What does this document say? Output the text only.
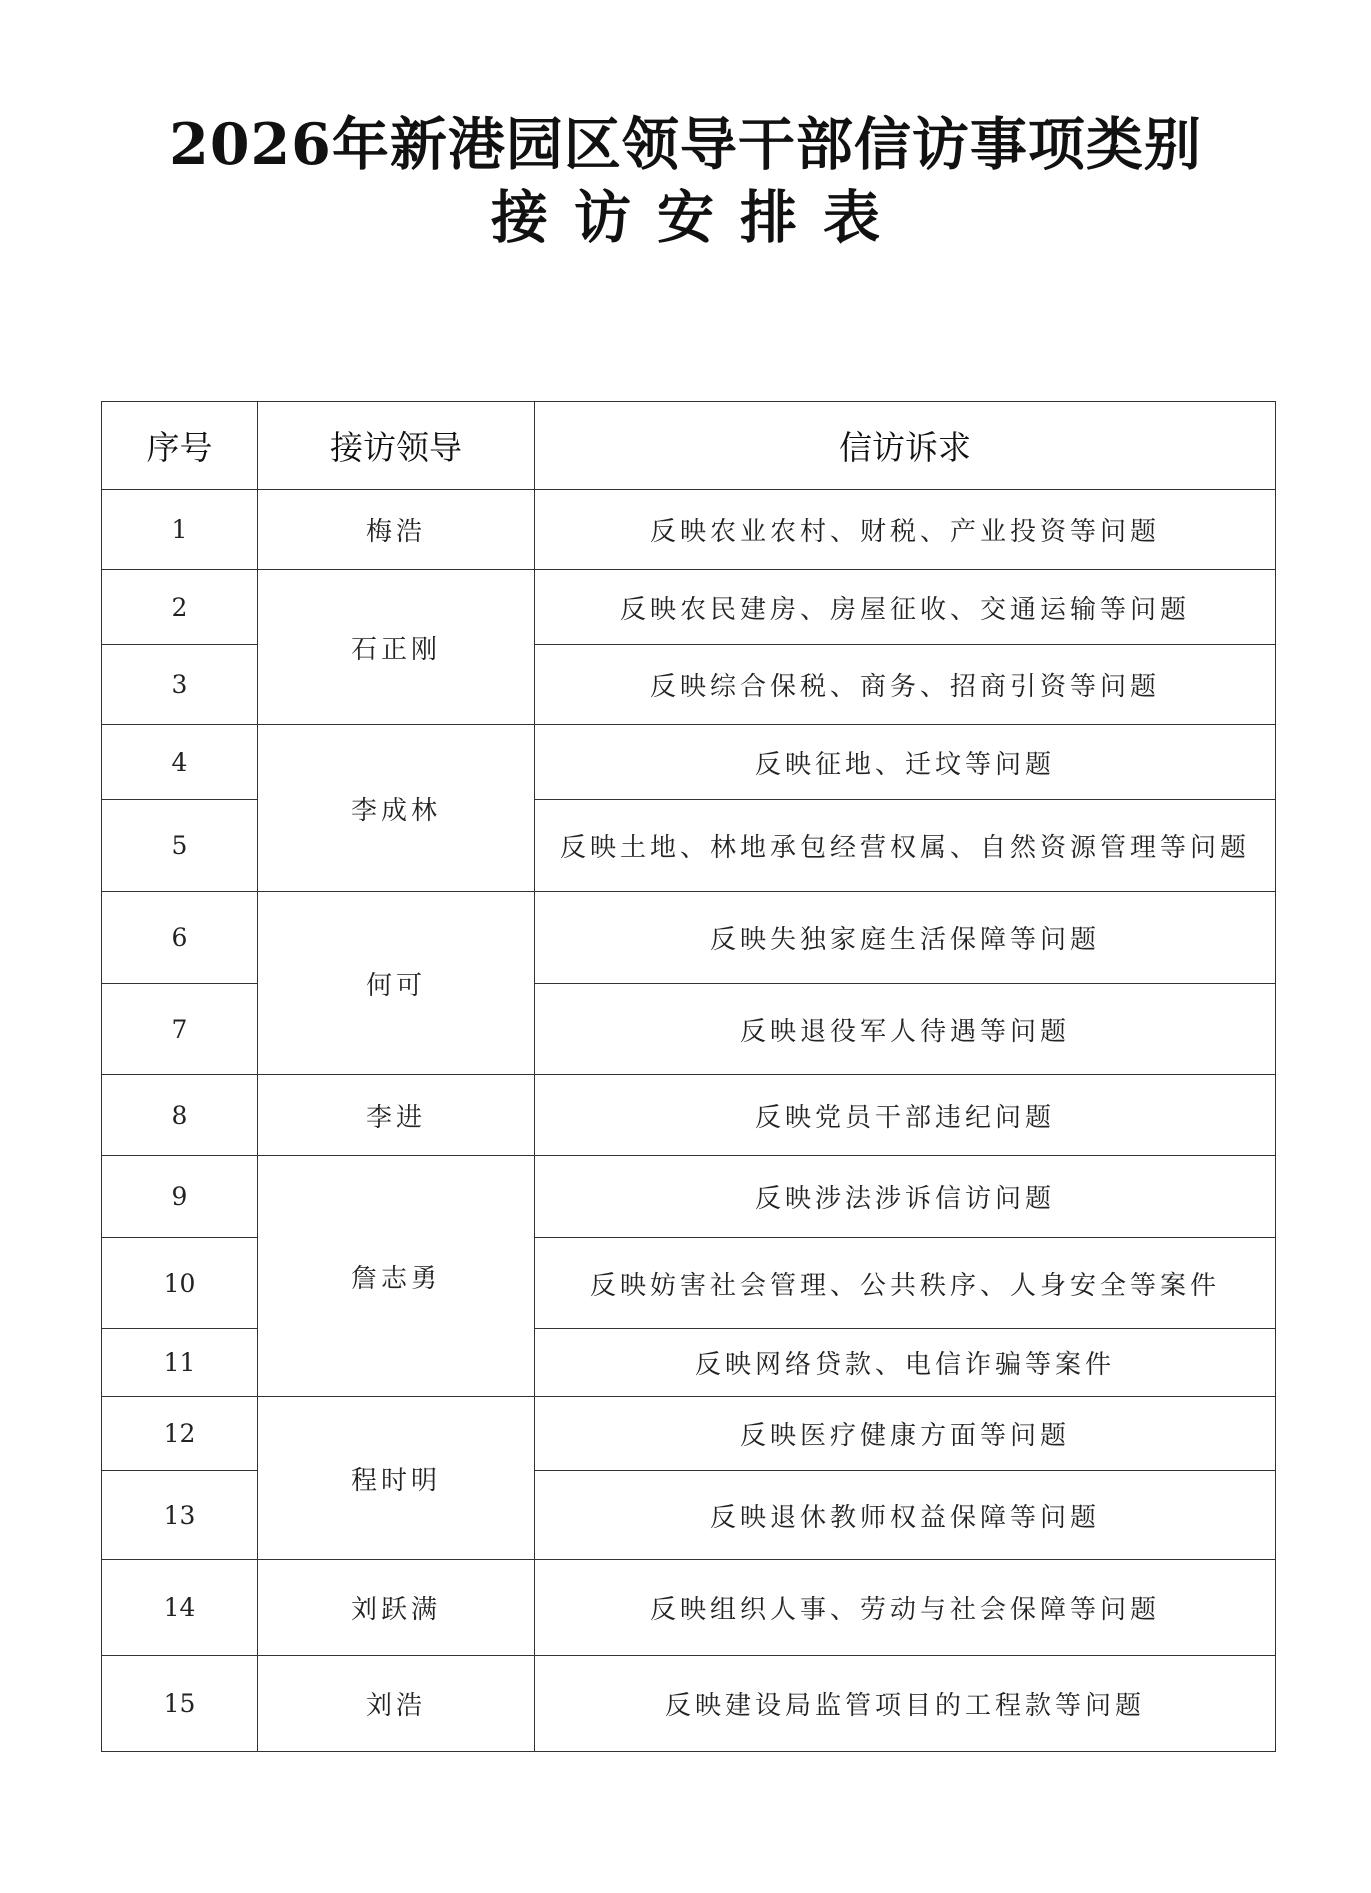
2026年新港园区领导干部信访事项类别
接访安排表
序号	接访领导	信访诉求
1	梅浩	反映农业农村、财税、产业投资等问题
2	石正刚	反映农民建房、房屋征收、交通运输等问题
3		反映综合保税、商务、招商引资等问题
4	李成林	反映征地、迁坟等问题
5		反映土地、林地承包经营权属、自然资源管理等问题
6	何可	反映失独家庭生活保障等问题
7		反映退役军人待遇等问题
8	李进	反映党员干部违纪问题
9	詹志勇	反映涉法涉诉信访问题
10		反映妨害社会管理、公共秩序、人身安全等案件
11		反映网络贷款、电信诈骗等案件
12	程时明	反映医疗健康方面等问题
13		反映退休教师权益保障等问题
14	刘跃满	反映组织人事、劳动与社会保障等问题
15	刘浩	反映建设局监管项目的工程款等问题
